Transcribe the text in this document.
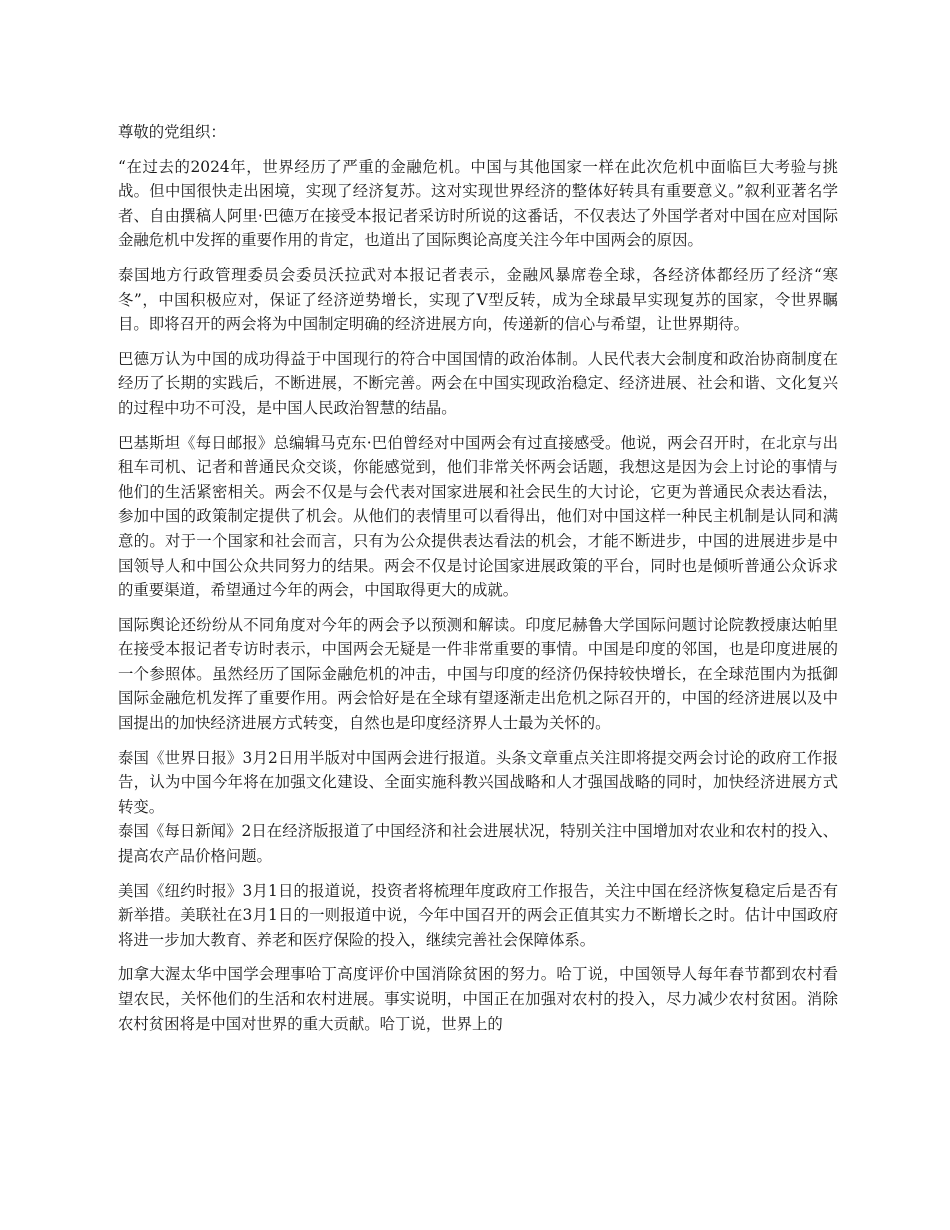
尊敬的党组织：

“在过去的2024年，世界经历了严重的金融危机。中国与其他国家一样在此次危机中面临巨大考验与挑战。但中国很快走出困境，实现了经济复苏。这对实现世界经济的整体好转具有重要意义。”叙利亚著名学者、自由撰稿人阿里·巴德万在接受本报记者采访时所说的这番话，不仅表达了外国学者对中国在应对国际金融危机中发挥的重要作用的肯定，也道出了国际舆论高度关注今年中国两会的原因。

泰国地方行政管理委员会委员沃拉武对本报记者表示，金融风暴席卷全球，各经济体都经历了经济“寒冬”，中国积极应对，保证了经济逆势增长，实现了V型反转，成为全球最早实现复苏的国家，令世界瞩目。即将召开的两会将为中国制定明确的经济进展方向，传递新的信心与希望，让世界期待。

巴德万认为中国的成功得益于中国现行的符合中国国情的政治体制。人民代表大会制度和政治协商制度在经历了长期的实践后，不断进展，不断完善。两会在中国实现政治稳定、经济进展、社会和谐、文化复兴的过程中功不可没，是中国人民政治智慧的结晶。

巴基斯坦《每日邮报》总编辑马克东·巴伯曾经对中国两会有过直接感受。他说，两会召开时，在北京与出租车司机、记者和普通民众交谈，你能感觉到，他们非常关怀两会话题，我想这是因为会上讨论的事情与他们的生活紧密相关。两会不仅是与会代表对国家进展和社会民生的大讨论，它更为普通民众表达看法，参加中国的政策制定提供了机会。从他们的表情里可以看得出，他们对中国这样一种民主机制是认同和满意的。对于一个国家和社会而言，只有为公众提供表达看法的机会，才能不断进步，中国的进展进步是中国领导人和中国公众共同努力的结果。两会不仅是讨论国家进展政策的平台，同时也是倾听普通公众诉求的重要渠道，希望通过今年的两会，中国取得更大的成就。

国际舆论还纷纷从不同角度对今年的两会予以预测和解读。印度尼赫鲁大学国际问题讨论院教授康达帕里在接受本报记者专访时表示，中国两会无疑是一件非常重要的事情。中国是印度的邻国，也是印度进展的一个参照体。虽然经历了国际金融危机的冲击，中国与印度的经济仍保持较快增长，在全球范围内为抵御国际金融危机发挥了重要作用。两会恰好是在全球有望逐渐走出危机之际召开的，中国的经济进展以及中国提出的加快经济进展方式转变，自然也是印度经济界人士最为关怀的。

泰国《世界日报》3月2日用半版对中国两会进行报道。头条文章重点关注即将提交两会讨论的政府工作报告，认为中国今年将在加强文化建设、全面实施科教兴国战略和人才强国战略的同时，加快经济进展方式转变。

泰国《每日新闻》2日在经济版报道了中国经济和社会进展状况，特别关注中国增加对农业和农村的投入、提高农产品价格问题。

美国《纽约时报》3月1日的报道说，投资者将梳理年度政府工作报告，关注中国在经济恢复稳定后是否有新举措。美联社在3月1日的一则报道中说，今年中国召开的两会正值其实力不断增长之时。估计中国政府将进一步加大教育、养老和医疗保险的投入，继续完善社会保障体系。

加拿大渥太华中国学会理事哈丁高度评价中国消除贫困的努力。哈丁说，中国领导人每年春节都到农村看望农民，关怀他们的生活和农村进展。事实说明，中国正在加强对农村的投入，尽力减少农村贫困。消除农村贫困将是中国对世界的重大贡献。哈丁说，世界上的
